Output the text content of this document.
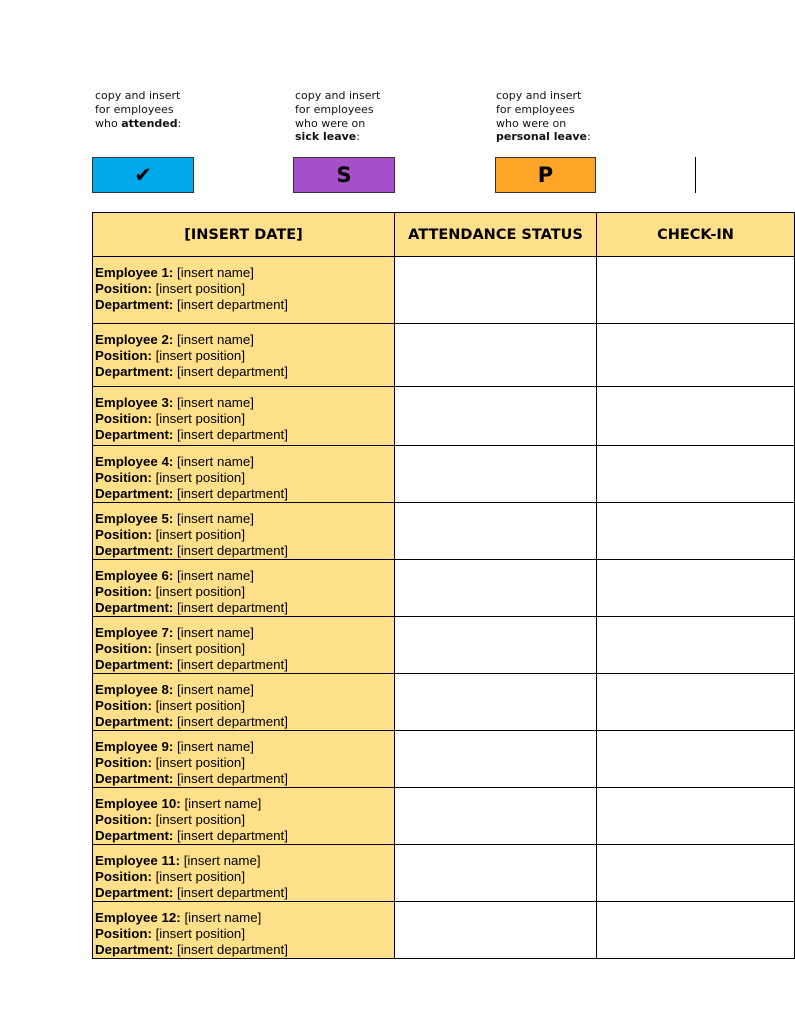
copy and insert
for employees
who attended:
copy and insert
for employees
who were on
sick leave:
copy and insert
for employees
who were on
personal leave:
✔	S	P
[INSERT DATE]	ATTENDANCE STATUS	CHECK-IN

Employee 1: [insert name]
Position: [insert position]
Department: [insert department]		

Employee 2: [insert name]
Position: [insert position]
Department: [insert department]		

Employee 3: [insert name]
Position: [insert position]
Department: [insert department]		

Employee 4: [insert name]
Position: [insert position]
Department: [insert department]		

Employee 5: [insert name]
Position: [insert position]
Department: [insert department]		

Employee 6: [insert name]
Position: [insert position]
Department: [insert department]		

Employee 7: [insert name]
Position: [insert position]
Department: [insert department]		

Employee 8: [insert name]
Position: [insert position]
Department: [insert department]		

Employee 9: [insert name]
Position: [insert position]
Department: [insert department]		

Employee 10: [insert name]
Position: [insert position]
Department: [insert department]		

Employee 11: [insert name]
Position: [insert position]
Department: [insert department]		

Employee 12: [insert name]
Position: [insert position]
Department: [insert department]		
